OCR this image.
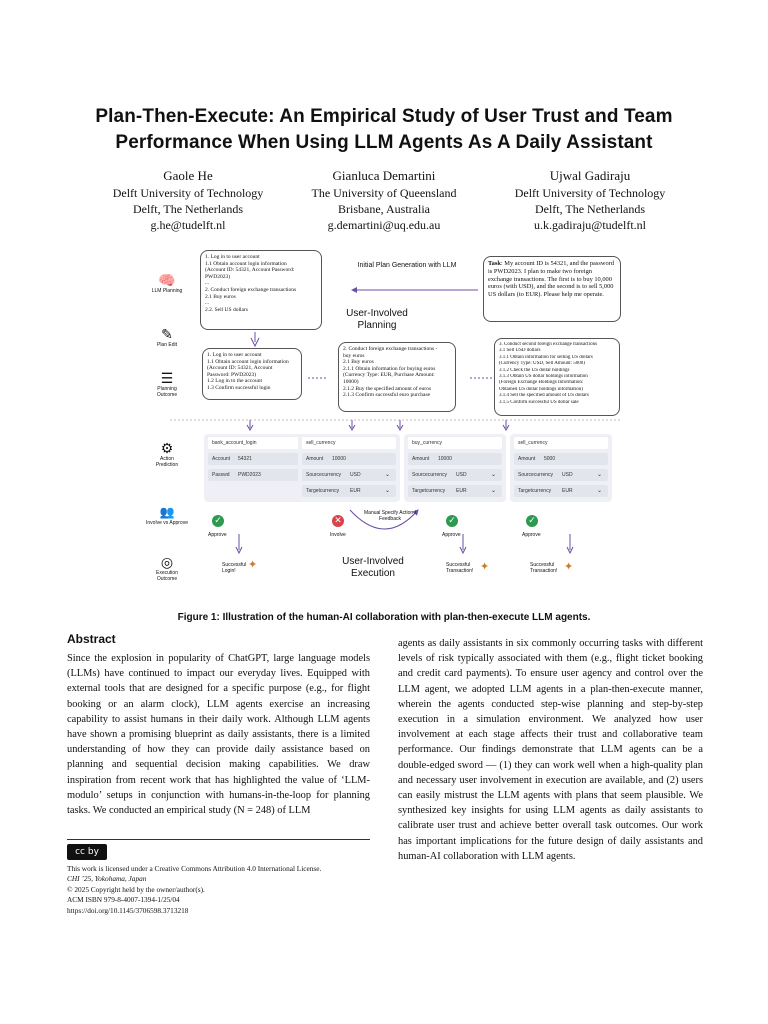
Plan-Then-Execute: An Empirical Study of User Trust and Team
Performance When Using LLM Agents As A Daily Assistant
Gaole He
Delft University of Technology
Delft, The Netherlands
g.he@tudelft.nl
Gianluca Demartini
The University of Queensland
Brisbane, Australia
g.demartini@uq.edu.au
Ujwal Gadiraju
Delft University of Technology
Delft, The Netherlands
u.k.gadiraju@tudelft.nl
🧠
LLM Planning
✎
Plan Edit
☰
Planning Outcome
⚙
Action Prediction
👥
Involve vs Approve
◎
Execution Outcome
1. Log in to user account
1.1 Obtain account login information
(Account ID: 54321, Account Password:
PWD2023)
...
2. Conduct foreign exchange transactions
2.1 Buy euros
...
2.2. Sell US dollars
Initial Plan Generation with LLM
User-Involved Planning
Task: My account ID is 54321, and the password is PWD2023. I plan to make two foreign exchange transactions. The first is to buy 10,000 euros (with USD), and the second is to sell 5,000 US dollars (to EUR). Please help me operate.
1. Log in to user account
1.1 Obtain account login information
(Account ID: 54321, Account
Password: PWD2023)
1.2 Log in to the account
1.3 Confirm successful login
2. Conduct foreign exchange transactions -
buy euros
2.1 Buy euros
2.1.1 Obtain information for buying euros
(Currency Type: EUR, Purchase Amount:
10000)
2.1.2 Buy the specified amount of euros
2.1.3 Confirm successful euro purchase
3. Conduct second foreign exchange transactions
3.1 Sell USD dollars
3.1.1 Obtain information for selling US dollars
(Currency Type: USD, Sell Amount: 5000)
3.1.2 Check the US dollar holdings
3.1.3 Obtain US dollar holdings information
(Foreign Exchange Holdings Information:
Obtained US dollar holdings information)
3.1.4 Sell the specified amount of US dollars
3.1.5 Confirm successful US dollar sale
bank_account_login
Account 54321
Passwd PWD2023
sell_currency
Amount 10000
Sourcecurrency USD	⌄
Targetcurrency EUR	⌄
buy_currency
Amount 10000
Sourcecurrency USD	⌄
Targetcurrency EUR	⌄
sell_currency
Amount 5000
Sourcecurrency USD	⌄
Targetcurrency EUR	⌄
Manual Specify Action / Feedback
✓
Approve
✕
Involve
✓
Approve
✓
Approve
User-Involved Execution
Successful Login!	✦	Successful Transaction! ✦	Successful Transaction! ✦
Figure 1: Illustration of the human-AI collaboration with plan-then-execute LLM agents.
Abstract

Since the explosion in popularity of ChatGPT, large language models (LLMs) have continued to impact our everyday lives. Equipped with external tools that are designed for a specific purpose (e.g., for flight booking or an alarm clock), LLM agents exercise an increasing capability to assist humans in their daily work. Although LLM agents have shown a promising blueprint as daily assistants, there is a limited understanding of how they can provide daily assistance based on planning and sequential decision making capabilities. We draw inspiration from recent work that has highlighted the value of ‘LLM-modulo’ setups in conjunction with humans-in-the-loop for planning tasks. We conducted an empirical study (N = 248) of LLM

agents as daily assistants in six commonly occurring tasks with different levels of risk typically associated with them (e.g., flight ticket booking and credit card payments). To ensure user agency and control over the LLM agent, we adopted LLM agents in a plan-then-execute manner, wherein the agents conducted step-wise planning and step-by-step execution in a simulation environment. We analyzed how user involvement at each stage affects their trust and collaborative team performance. Our findings demonstrate that LLM agents can be a double-edged sword — (1) they can work well when a high-quality plan and necessary user involvement in execution are available, and (2) users can easily mistrust the LLM agents with plans that seem plausible. We synthesized key insights for using LLM agents as daily assistants to calibrate user trust and achieve better overall task outcomes. Our work has important implications for the future design of daily assistants and human-AI collaboration with LLM agents.

cc by
This work is licensed under a Creative Commons Attribution 4.0 International License.
CHI ’25, Yokohama, Japan
© 2025 Copyright held by the owner/author(s).
ACM ISBN 979-8-4007-1394-1/25/04
https://doi.org/10.1145/3706598.3713218
